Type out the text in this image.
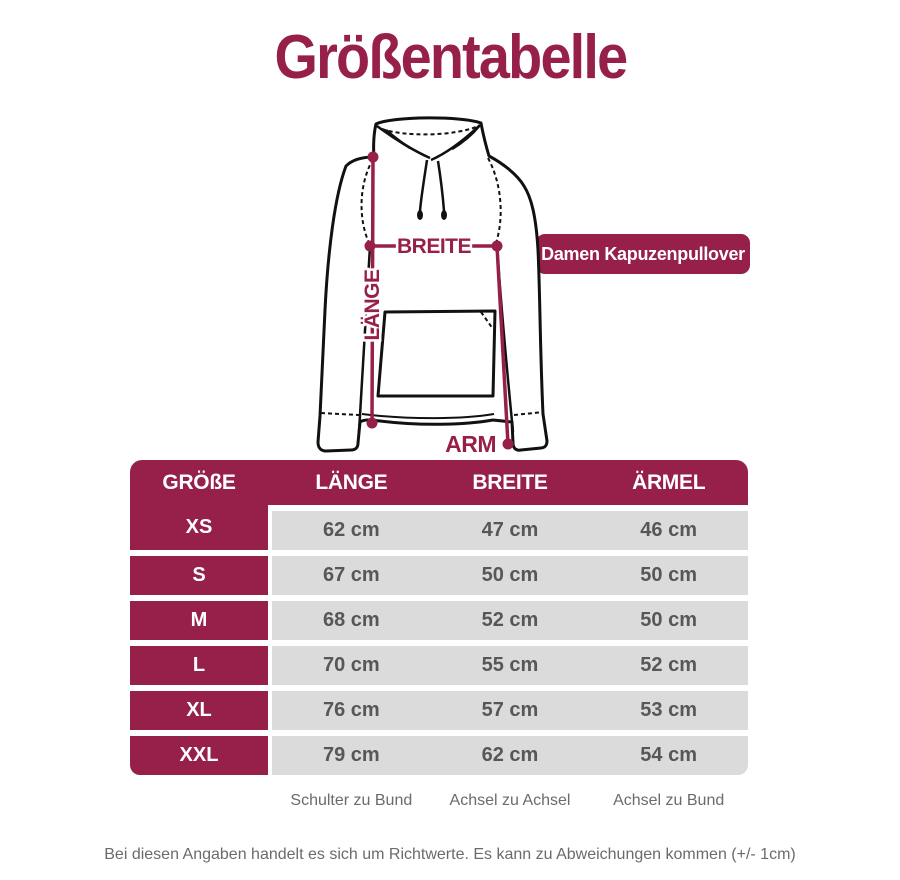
Größentabelle
Damen Kapuzenpullover
BREITE
LÄNGE
ARM
GRÖßE	LÄNGE	BREITE	ÄRMEL
XS	62 cm	47 cm	46 cm
S	67 cm	50 cm	50 cm
M	68 cm	52 cm	50 cm
L	70 cm	55 cm	52 cm
XL	76 cm	57 cm	53 cm
XXL	79 cm	62 cm	54 cm
Schulter zu Bund	Achsel zu Achsel	Achsel zu Bund
Bei diesen Angaben handelt es sich um Richtwerte. Es kann zu Abweichungen kommen (+/- 1cm)
